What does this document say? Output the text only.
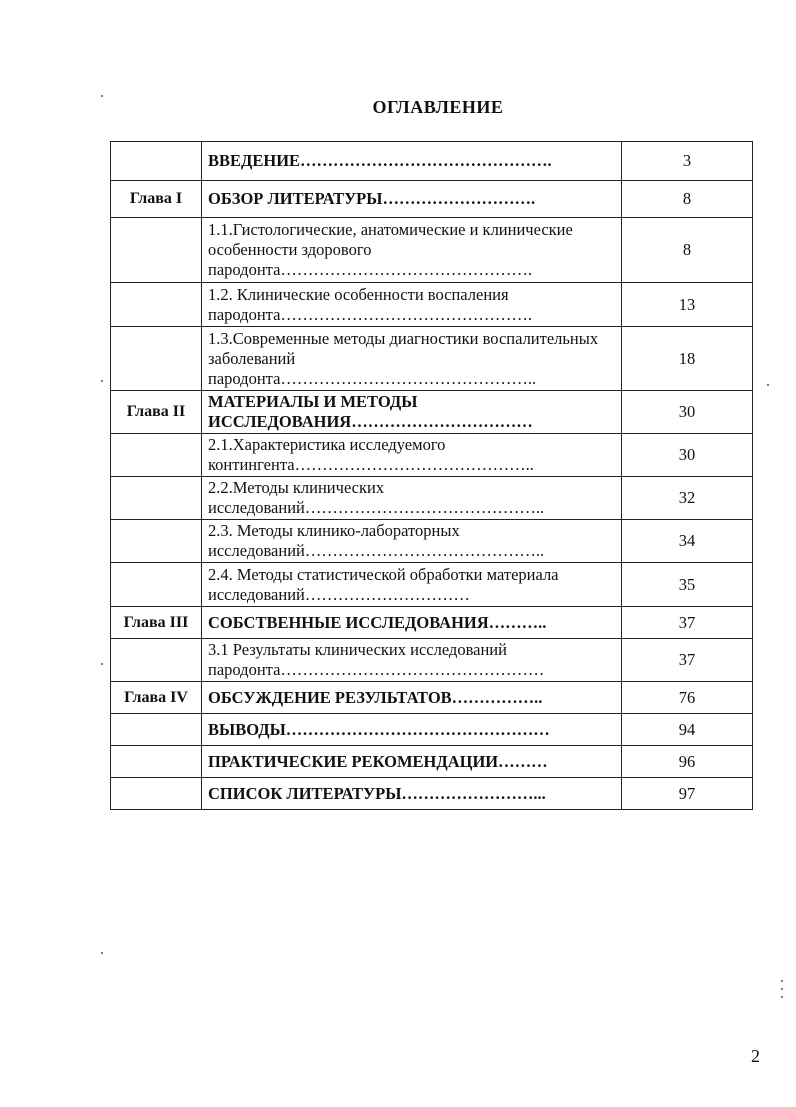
ОГЛАВЛЕНИЕ
	ВВЕДЕНИЕ……………………………………….	3
Глава I	ОБЗОР ЛИТЕРАТУРЫ……………………….	8
	1.1.Гистологические, анатомические и клинические особенности здорового пародонта……………………………………….	8
	1.2. Клинические особенности воспаления пародонта……………………………………….	13
	1.3.Современные методы диагностики воспалительных заболеваний пародонта………………………………………..	18
Глава II	МАТЕРИАЛЫ И МЕТОДЫ ИССЛЕДОВАНИЯ……………………………	30
	2.1.Характеристика исследуемого контингента……………………………………..	30
	2.2.Методы клинических исследований……………………………………..	32
	2.3. Методы клинико-лабораторных исследований……………………………………..	34
	2.4. Методы статистической обработки материала исследований…………………………	35
Глава III	СОБСТВЕННЫЕ ИССЛЕДОВАНИЯ………..	37
	3.1 Результаты клинических исследований пародонта…………………………………………	37
Глава IV	ОБСУЖДЕНИЕ РЕЗУЛЬТАТОВ……………..	76
	ВЫВОДЫ…………………………………………	94
	ПРАКТИЧЕСКИЕ РЕКОМЕНДАЦИИ………	96
	СПИСОК ЛИТЕРАТУРЫ……………………...	97
2
